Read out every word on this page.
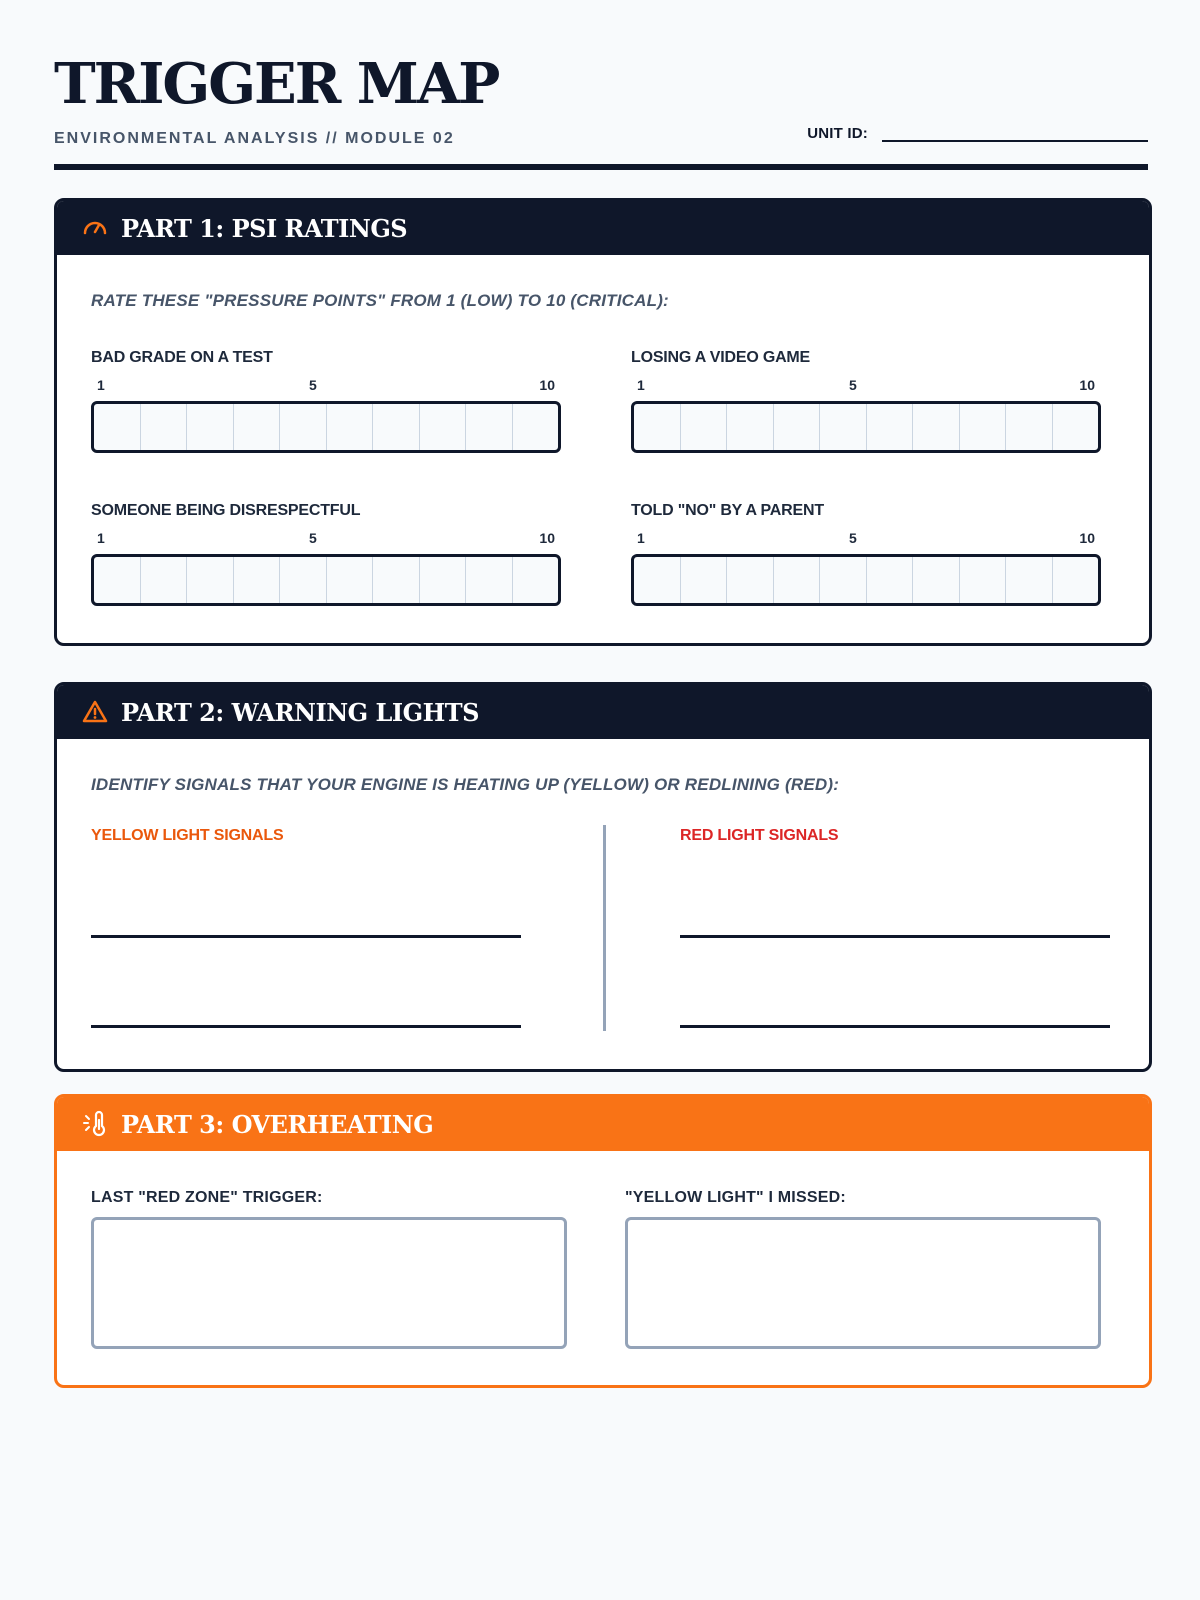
TRIGGER MAP
ENVIRONMENTAL ANALYSIS // MODULE 02	UNIT ID:
PART 1: PSI RATINGS
RATE THESE "PRESSURE POINTS" FROM 1 (LOW) TO 10 (CRITICAL):
BAD GRADE ON A TEST
1	5	10
LOSING A VIDEO GAME
1	5	10
SOMEONE BEING DISRESPECTFUL
1	5	10
TOLD "NO" BY A PARENT
1	5	10
PART 2: WARNING LIGHTS
IDENTIFY SIGNALS THAT YOUR ENGINE IS HEATING UP (YELLOW) OR REDLINING (RED):
YELLOW LIGHT SIGNALS	RED LIGHT SIGNALS
PART 3: OVERHEATING
LAST "RED ZONE" TRIGGER:	"YELLOW LIGHT" I MISSED:
